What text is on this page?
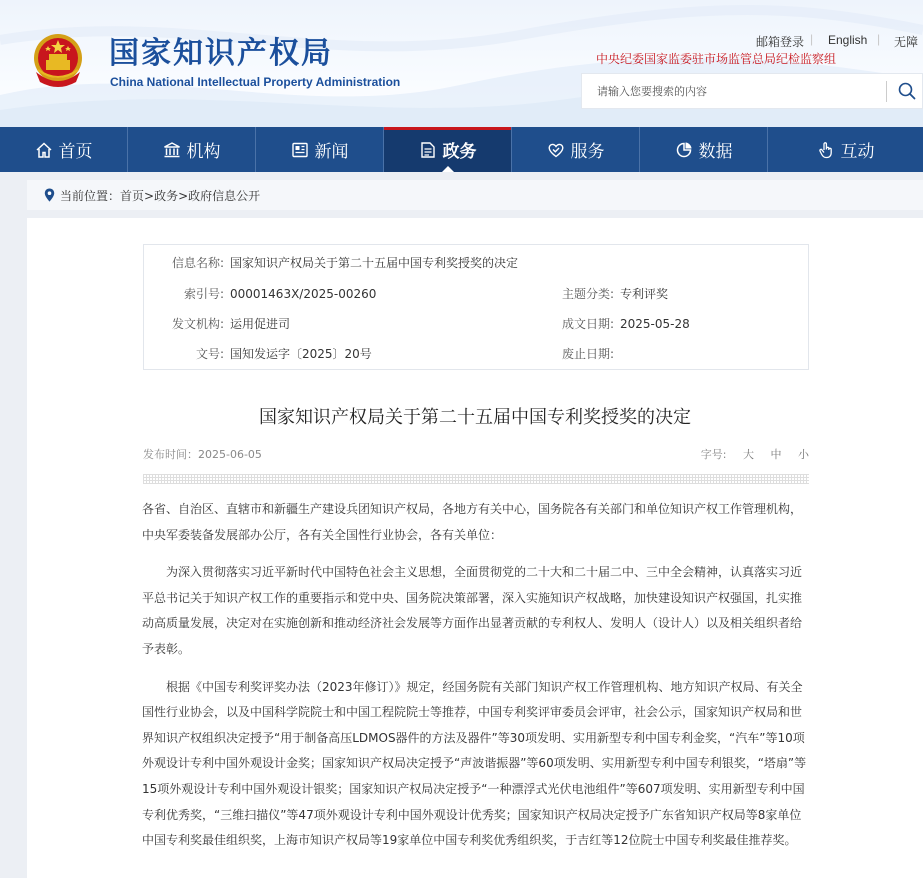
国家知识产权局
China National Intellectual Property Administration
邮箱登录 | English | 无障
中央纪委国家监委驻市场监管总局纪检监察组
请输入您要搜索的内容
首页	机构	新闻	政务	服务	数据	互动
当前位置： 首页>政务>政府信息公开
信息名称: 国家知识产权局关于第二十五届中国专利奖授奖的决定
索引号: 00001463X/2025-00260	主题分类: 专利评奖
发文机构: 运用促进司	成文日期: 2025-05-28
文号: 国知发运字〔2025〕20号	废止日期:
国家知识产权局关于第二十五届中国专利奖授奖的决定
发布时间：2025-06-05	字号: 大 中 小

各省、自治区、直辖市和新疆生产建设兵团知识产权局，各地方有关中心，国务院各有关部门和单位知识产权工作管理机构，中央军委装备发展部办公厅，各有关全国性行业协会，各有关单位：

为深入贯彻落实习近平新时代中国特色社会主义思想，全面贯彻党的二十大和二十届二中、三中全会精神，认真落实习近平总书记关于知识产权工作的重要指示和党中央、国务院决策部署，深入实施知识产权战略，加快建设知识产权强国，扎实推动高质量发展，决定对在实施创新和推动经济社会发展等方面作出显著贡献的专利权人、发明人（设计人）以及相关组织者给予表彰。

根据《中国专利奖评奖办法（2023年修订）》规定，经国务院有关部门知识产权工作管理机构、地方知识产权局、有关全国性行业协会，以及中国科学院院士和中国工程院院士等推荐，中国专利奖评审委员会评审，社会公示，国家知识产权局和世界知识产权组织决定授予“用于制备高压LDMOS器件的方法及器件”等30项发明、实用新型专利中国专利金奖，“汽车”等10项外观设计专利中国外观设计金奖；国家知识产权局决定授予“声波谐振器”等60项发明、实用新型专利中国专利银奖，“塔扇”等15项外观设计专利中国外观设计银奖；国家知识产权局决定授予“一种漂浮式光伏电池组件”等607项发明、实用新型专利中国专利优秀奖，“三维扫描仪”等47项外观设计专利中国外观设计优秀奖；国家知识产权局决定授予广东省知识产权局等8家单位中国专利奖最佳组织奖，上海市知识产权局等19家单位中国专利奖优秀组织奖，于吉红等12位院士中国专利奖最佳推荐奖。
